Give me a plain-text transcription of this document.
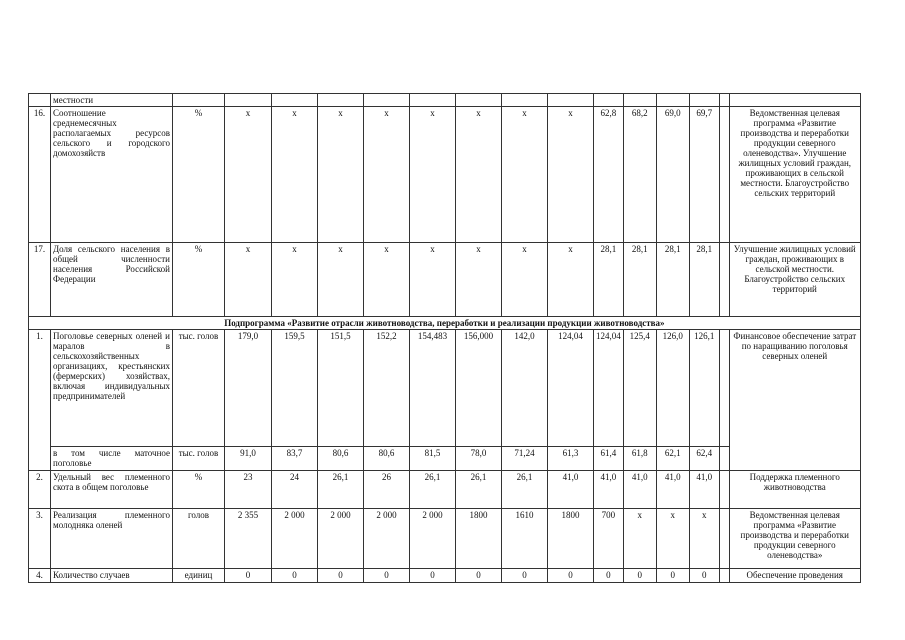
	местности															
16.	Соотношение среднемесячных располагаемых ресурсов сельского и городского домохозяйств	%	х	х	х	х	х	х	х	х	62,8	68,2	69,0	69,7		Ведомственная целевая программа «Развитие производства и переработки продукции северного оленеводства». Улучшение жилищных условий граждан, проживающих в сельской местности. Благоустройство сельских территорий
17.	Доля сельского населения в общей численности населения Российской Федерации	%	х	х	х	х	х	х	х	х	28,1	28,1	28,1	28,1		Улучшение жилищных условий граждан, проживающих в сельской местности. Благоустройство сельских территорий
Подпрограмма «Развитие отрасли животноводства, переработки и реализации продукции животноводства»																
1.	Поголовье северных оленей и маралов в сельскохозяйственных организациях, крестьянских (фермерских) хозяйствах, включая индивидуальных предпринимателей	тыс. голов	179,0	159,5	151,5	152,2	154,483	156,000	142,0	124,04	124,04	125,4	126,0	126,1		Финансовое обеспечение затрат по наращиванию поголовья северных оленей
	в том числе маточное поголовье	тыс. голов	91,0	83,7	80,6	80,6	81,5	78,0	71,24	61,3	61,4	61,8	62,1	62,4		
2.	Удельный вес племенного скота в общем поголовье	%	23	24	26,1	26	26,1	26,1	26,1	41,0	41,0	41,0	41,0	41,0		Поддержка племенного животноводства
3.	Реализация племенного молодняка оленей	голов	2 355	2 000	2 000	2 000	2 000	1800	1610	1800	700	х	х	х		Ведомственная целевая программа «Развитие производства и переработки продукции северного оленеводства»
4.	Количество случаев	единиц	0	0	0	0	0	0	0	0	0	0	0	0		Обеспечение проведения
